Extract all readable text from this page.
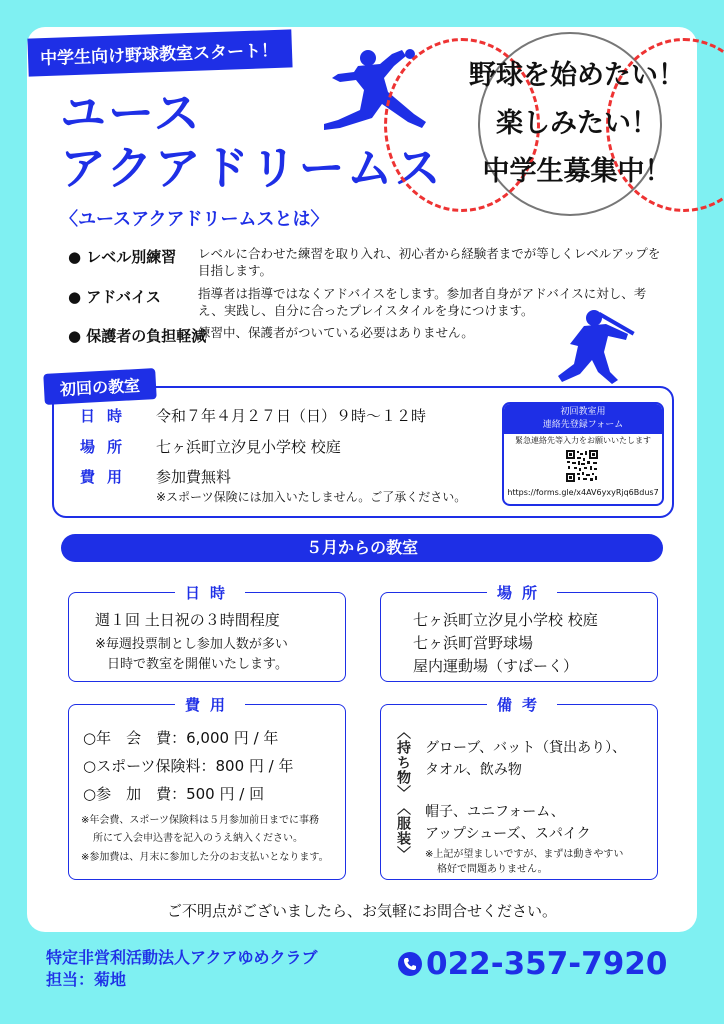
中学生向け野球教室スタート！
ユース
アクアドリームス
野球を始めたい！
楽しみたい！
中学生募集中！
〈ユースアクアドリームスとは〉
● レベル別練習 レベルに合わせた練習を取り入れ、初心者から経験者までが等しくレベルアップを目指します。
● アドバイス	指導者は指導ではなくアドバイスをします。参加者自身がアドバイスに対し、考え、実践し、自分に合ったプレイスタイルを身につけます。
● 保護者の負担軽減
練習中、保護者がついている必要はありません。
初回の教室
日時 令和７年４月２７日（日）９時〜１２時
場所 七ヶ浜町立汐見小学校 校庭
費用 参加費無料
※スポーツ保険には加入いたしません。ご了承ください。
初回教室用
連絡先登録フォーム
緊急連絡先等入力をお願いいたします
https://forms.gle/x4AV6yxyRjq6Bdus7
５月からの教室
日時
週１回 土日祝の３時間程度
※毎週投票制とし参加人数が多い
日時で教室を開催いたします。
場所
七ヶ浜町立汐見小学校 校庭
七ヶ浜町営野球場
屋内運動場（すぱーく）
費用
○年　会　費：6,000 円 / 年
○スポーツ保険料：800 円 / 年
○参　加　費：500 円 / 回
※年会費、スポーツ保険料は５月参加前日までに事務
所にて入会申込書を記入のうえ納入ください。
※参加費は、月末に参加した分のお支払いとなります。
備考
〈持ち物〉 グローブ、バット（貸出あり）、
タオル、飲み物
〈服装〉 帽子、ユニフォーム、
アップシューズ、スパイク
※上記が望ましいですが、まずは動きやすい
格好で問題ありません。
ご不明点がございましたら、お気軽にお問合せください。
特定非営利活動法人アクアゆめクラブ
担当：菊地	022-357-7920
